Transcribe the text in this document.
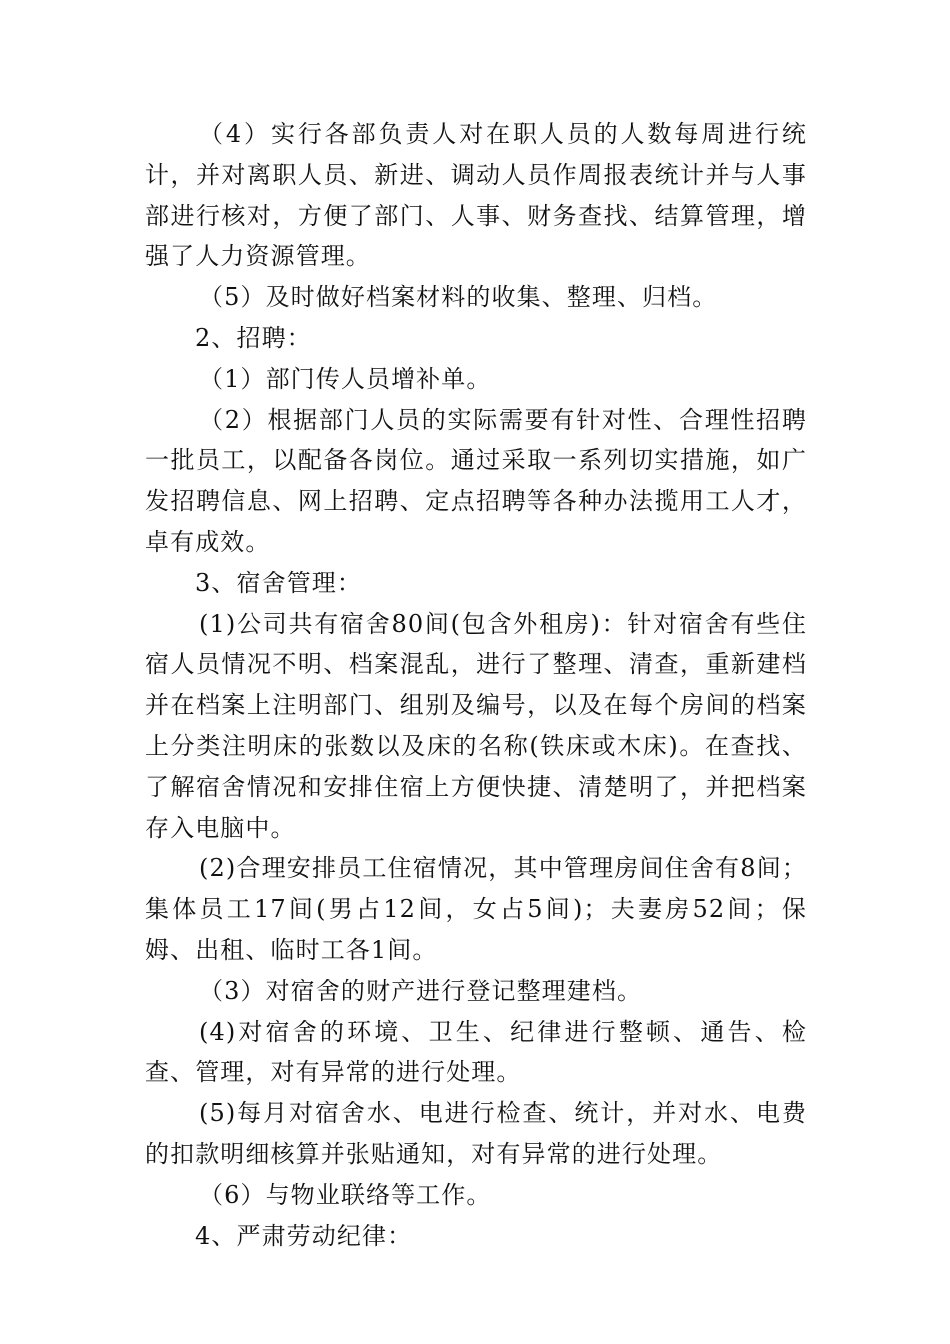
（4）实行各部负责人对在职人员的人数每周进行统计，并对离职人员、新进、调动人员作周报表统计并与人事部进行核对，方便了部门、人事、财务查找、结算管理，增强了人力资源管理。

（5）及时做好档案材料的收集、整理、归档。

2、招聘：

（1）部门传人员增补单。

（2）根据部门人员的实际需要有针对性、合理性招聘一批员工，以配备各岗位。通过采取一系列切实措施，如广发招聘信息、网上招聘、定点招聘等各种办法揽用工人才，卓有成效。

3、宿舍管理：

(1)公司共有宿舍80间(包含外租房)：针对宿舍有些住宿人员情况不明、档案混乱，进行了整理、清查，重新建档并在档案上注明部门、组别及编号，以及在每个房间的档案上分类注明床的张数以及床的名称(铁床或木床)。在查找、了解宿舍情况和安排住宿上方便快捷、清楚明了，并把档案存入电脑中。

(2)合理安排员工住宿情况，其中管理房间住舍有8间；集体员工17间(男占12间，女占5间)；夫妻房52间；保姆、出租、临时工各1间。

（3）对宿舍的财产进行登记整理建档。

(4)对宿舍的环境、卫生、纪律进行整顿、通告、检查、管理，对有异常的进行处理。

(5)每月对宿舍水、电进行检查、统计，并对水、电费的扣款明细核算并张贴通知，对有异常的进行处理。

（6）与物业联络等工作。

4、严肃劳动纪律：
